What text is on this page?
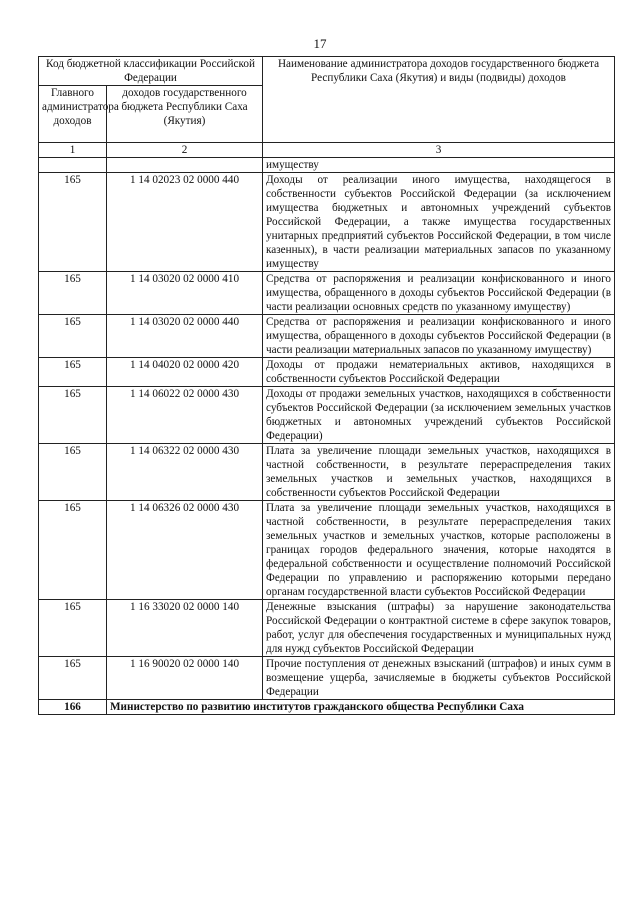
17
Код бюджетной классификации Российской Федерации		Наименование администратора доходов государственного бюджета Республики Саха (Якутия) и виды (подвиды) доходов
Главного администратора доходов	доходов государственного бюджета Республики Саха (Якутия)	
1	2	3
		имуществу
165	1 14 02023 02 0000 440	Доходы от реализации иного имущества, находящегося в собственности субъектов Российской Федерации (за исключением имущества бюджетных и автономных учреждений субъектов Российской Федерации, а также имущества государственных унитарных предприятий субъектов Российской Федерации, в том числе казенных), в части реализации материальных запасов по указанному имуществу
165	1 14 03020 02 0000 410	Средства от распоряжения и реализации конфискованного и иного имущества, обращенного в доходы субъектов Российской Федерации (в части реализации основных средств по указанному имуществу)
165	1 14 03020 02 0000 440	Средства от распоряжения и реализации конфискованного и иного имущества, обращенного в доходы субъектов Российской Федерации (в части реализации материальных запасов по указанному имуществу)
165	1 14 04020 02 0000 420	Доходы от продажи нематериальных активов, находящихся в собственности субъектов Российской Федерации
165	1 14 06022 02 0000 430	Доходы от продажи земельных участков, находящихся в собственности субъектов Российской Федерации (за исключением земельных участков бюджетных и автономных учреждений субъектов Российской Федерации)
165	1 14 06322 02 0000 430	Плата за увеличение площади земельных участков, находящихся в частной собственности, в результате перераспределения таких земельных участков и земельных участков, находящихся в собственности субъектов Российской Федерации
165	1 14 06326 02 0000 430	Плата за увеличение площади земельных участков, находящихся в частной собственности, в результате перераспределения таких земельных участков и земельных участков, которые расположены в границах городов федерального значения, которые находятся в федеральной собственности и осуществление полномочий Российской Федерации по управлению и распоряжению которыми передано органам государственной власти субъектов Российской Федерации
165	1 16 33020 02 0000 140	Денежные взыскания (штрафы) за нарушение законодательства Российской Федерации о контрактной системе в сфере закупок товаров, работ, услуг для обеспечения государственных и муниципальных нужд для нужд субъектов Российской Федерации
165	1 16 90020 02 0000 140	Прочие поступления от денежных взысканий (штрафов) и иных сумм в возмещение ущерба, зачисляемые в бюджеты субъектов Российской Федерации
166	Министерство по развитию институтов гражданского общества Республики Саха	
